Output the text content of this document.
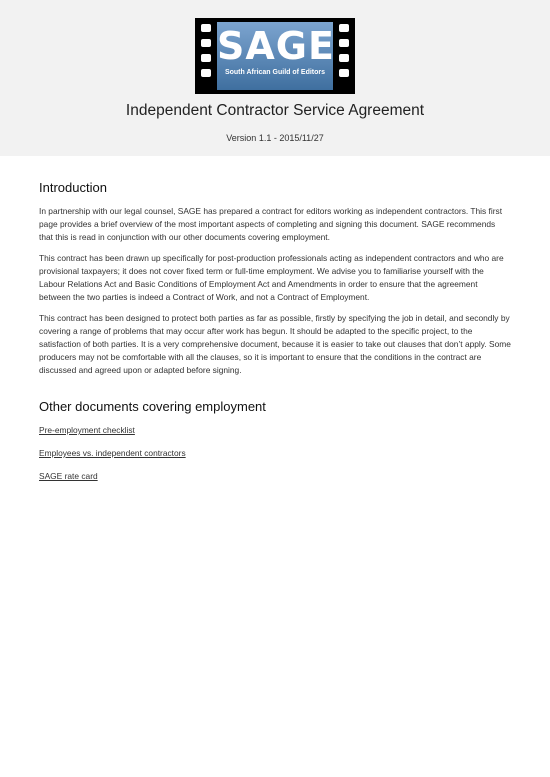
SAGE
South African Guild of Editors
Independent Contractor Service Agreement
Version 1.1 - 2015/11/27
Introduction

In partnership with our legal counsel, SAGE has prepared a contract for editors working as independent contractors. This first page provides a brief overview of the most important aspects of completing and signing this document. SAGE recommends that this is read in conjunction with our other documents covering employment.

This contract has been drawn up specifically for post-production professionals acting as independent contractors and who are provisional taxpayers; it does not cover fixed term or full-time employment. We advise you to familiarise yourself with the Labour Relations Act and Basic Conditions of Employment Act and Amendments in order to ensure that the agreement between the two parties is indeed a Contract of Work, and not a Contract of Employment.

This contract has been designed to protect both parties as far as possible, firstly by specifying the job in detail, and secondly by covering a range of problems that may occur after work has begun. It should be adapted to the specific project, to the satisfaction of both parties. It is a very comprehensive document, because it is easier to take out clauses that don’t apply. Some producers may not be comfortable with all the clauses, so it is important to ensure that the conditions in the contract are discussed and agreed upon or adapted before signing.

Other documents covering employment
Pre-employment checklist
Employees vs. independent contractors
SAGE rate card
